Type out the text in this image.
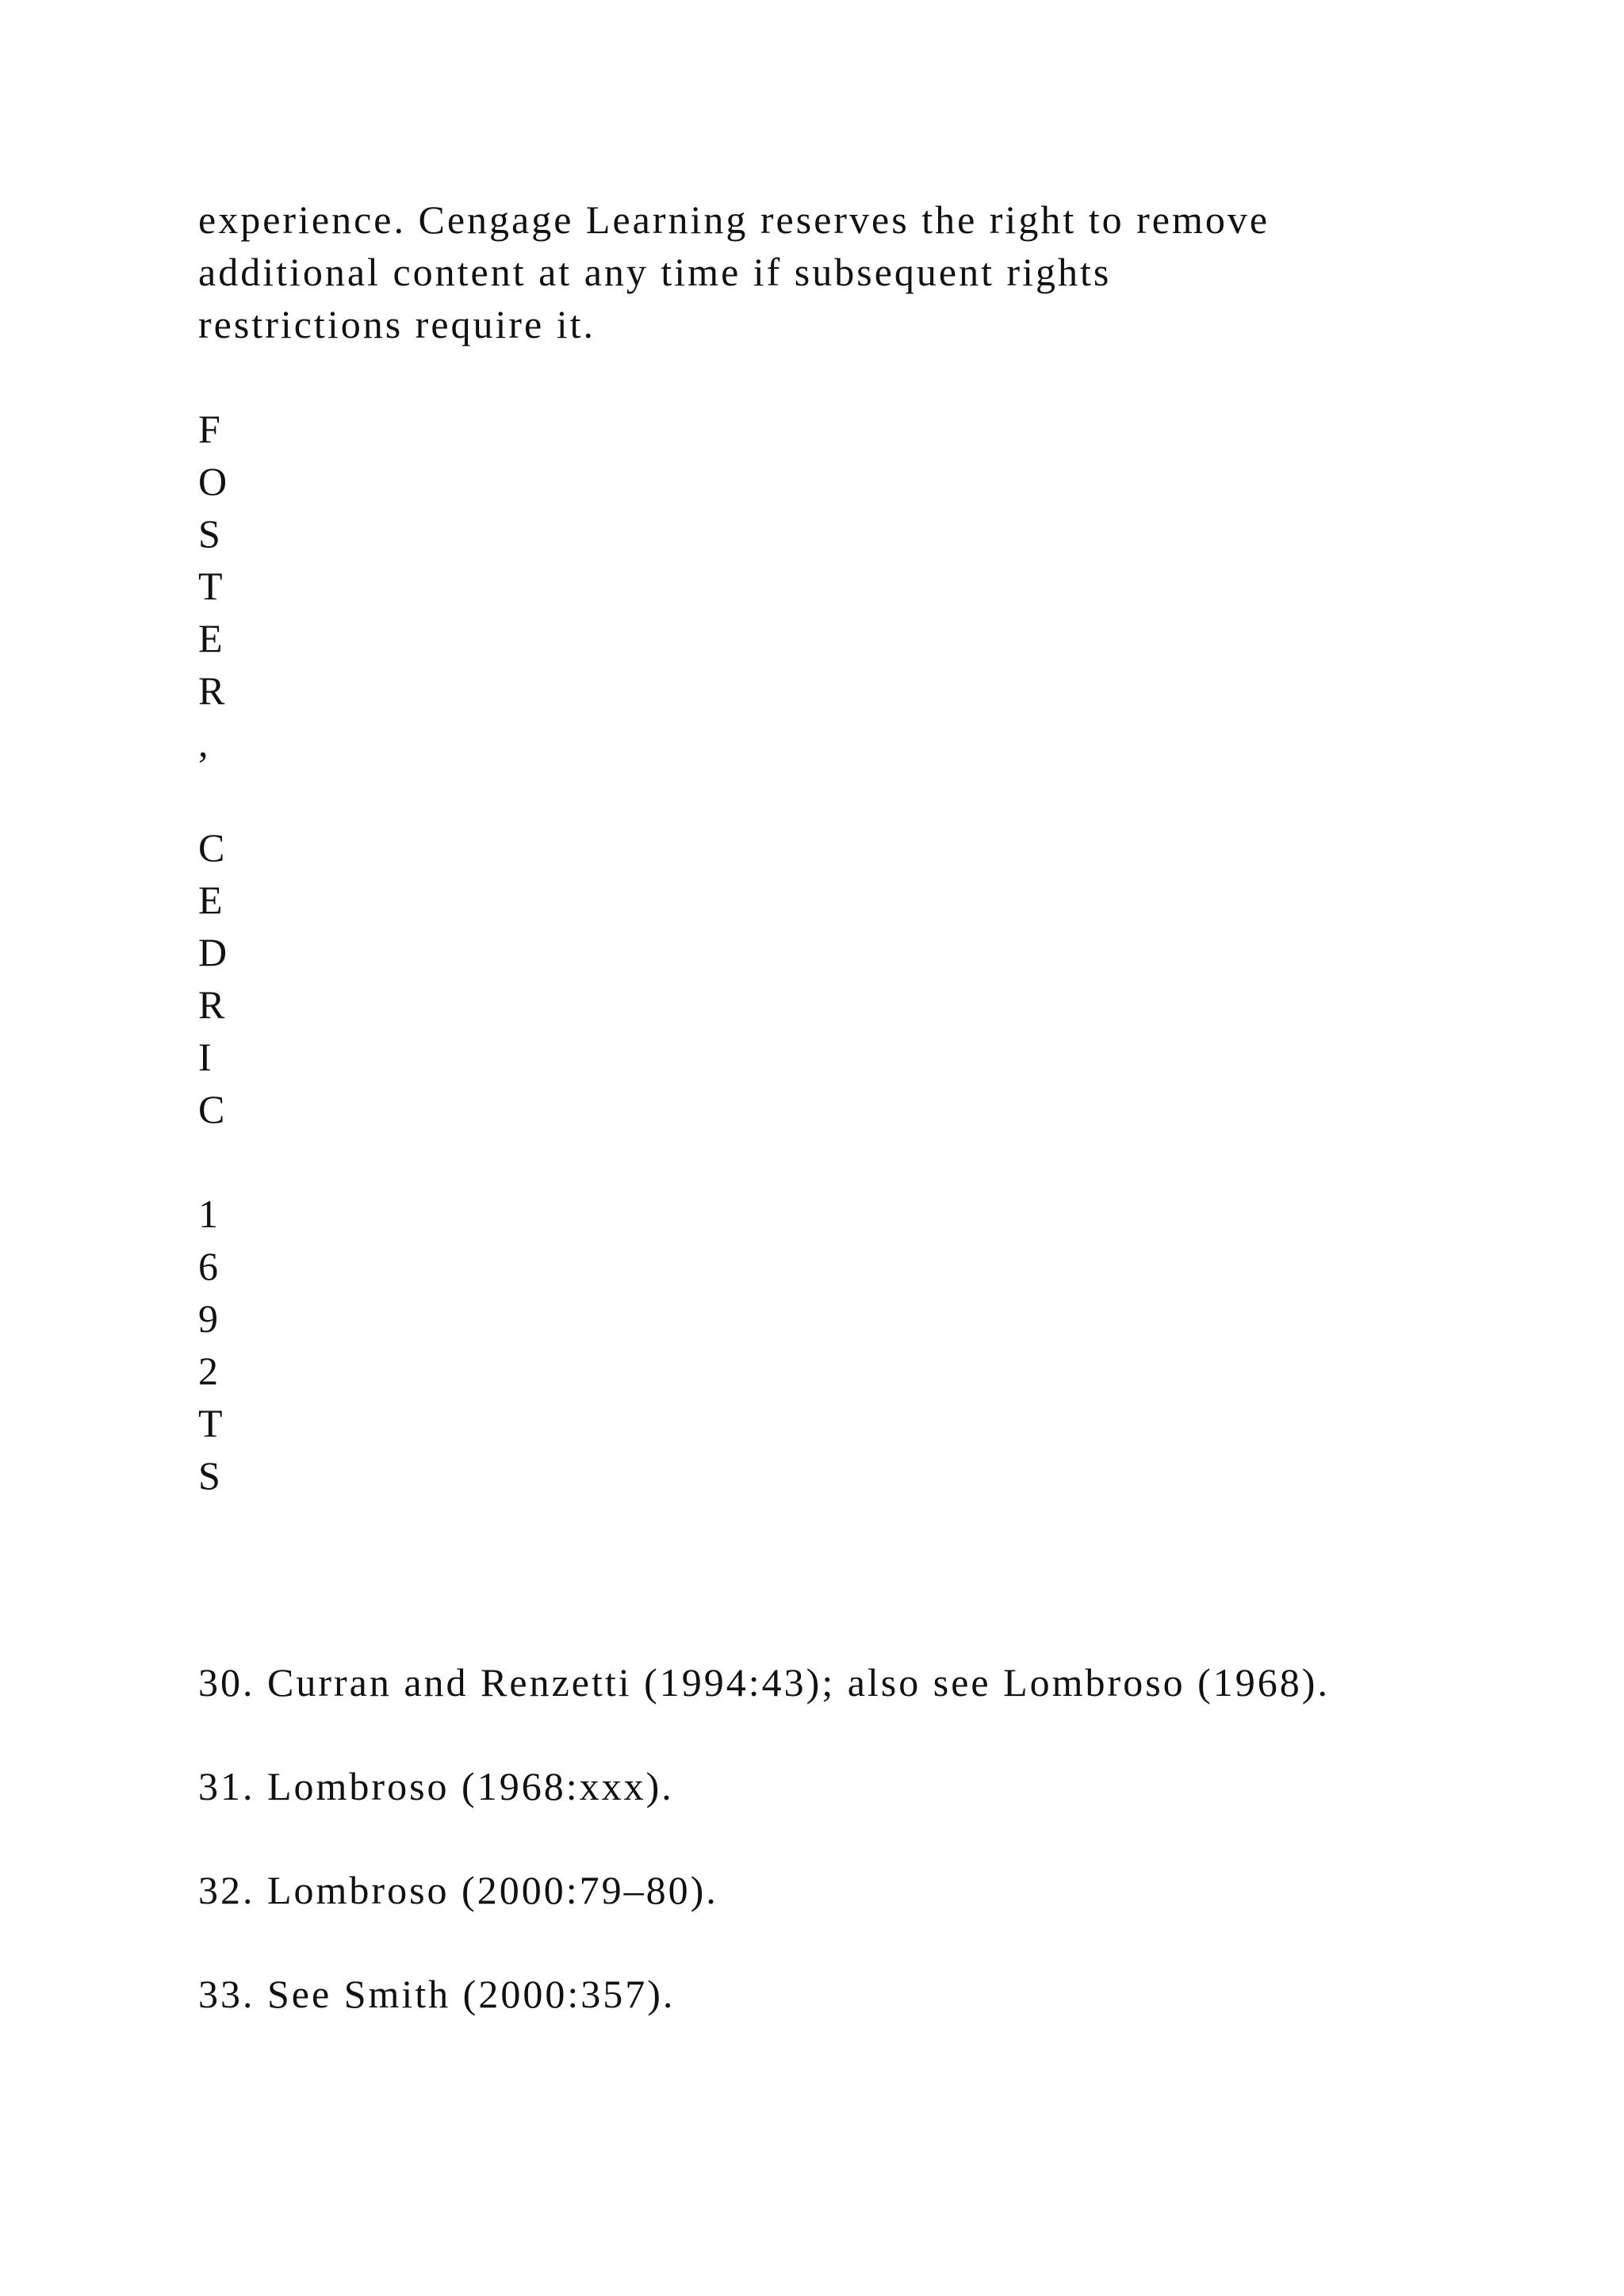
experience. Cengage Learning reserves the right to remove
additional content at any time if subsequent rights
restrictions require it.
F
O
S
T
E
R
,
C
E
D
R
I
C
1
6
9
2
T
S
30. Curran and Renzetti (1994:43); also see Lombroso (1968).
31. Lombroso (1968:xxx).
32. Lombroso (2000:79–80).
33. See Smith (2000:357).
